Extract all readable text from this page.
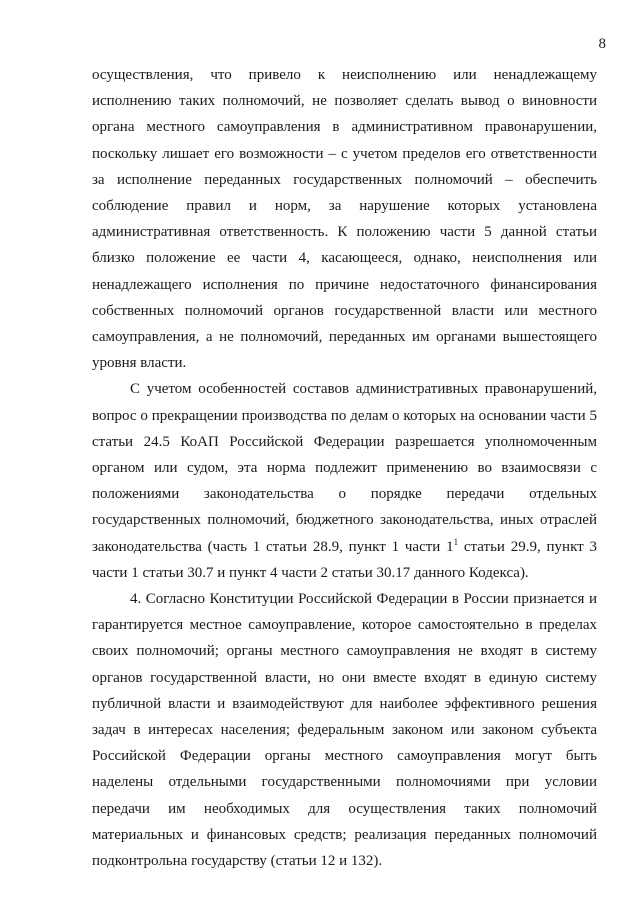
8

осуществления, что привело к неисполнению или ненадлежащему исполнению таких полномочий, не позволяет сделать вывод о виновности органа местного самоуправления в административном правонарушении, поскольку лишает его возможности – с учетом пределов его ответственности за исполнение переданных государственных полномочий – обеспечить соблюдение правил и норм, за нарушение которых установлена административная ответственность. К положению части 5 данной статьи близко положение ее части 4, касающееся, однако, неисполнения или ненадлежащего исполнения по причине недостаточного финансирования собственных полномочий органов государственной власти или местного самоуправления, а не полномочий, переданных им органами вышестоящего уровня власти.

С учетом особенностей составов административных правонарушений, вопрос о прекращении производства по делам о которых на основании части 5 статьи 24.5 КоАП Российской Федерации разрешается уполномоченным органом или судом, эта норма подлежит применению во взаимосвязи с положениями законодательства о порядке передачи отдельных государственных полномочий, бюджетного законодательства, иных отраслей законодательства (часть 1 статьи 28.9, пункт 1 части $1^1$ статьи 29.9, пункт 3 части 1 статьи 30.7 и пункт 4 части 2 статьи 30.17 данного Кодекса).

4. Согласно Конституции Российской Федерации в России признается и гарантируется местное самоуправление, которое самостоятельно в пределах своих полномочий; органы местного самоуправления не входят в систему органов государственной власти, но они вместе входят в единую систему публичной власти и взаимодействуют для наиболее эффективного решения задач в интересах населения; федеральным законом или законом субъекта Российской Федерации органы местного самоуправления могут быть наделены отдельными государственными полномочиями при условии передачи им необходимых для осуществления таких полномочий материальных и финансовых средств; реализация переданных полномочий подконтрольна государству (статьи 12 и 132).
